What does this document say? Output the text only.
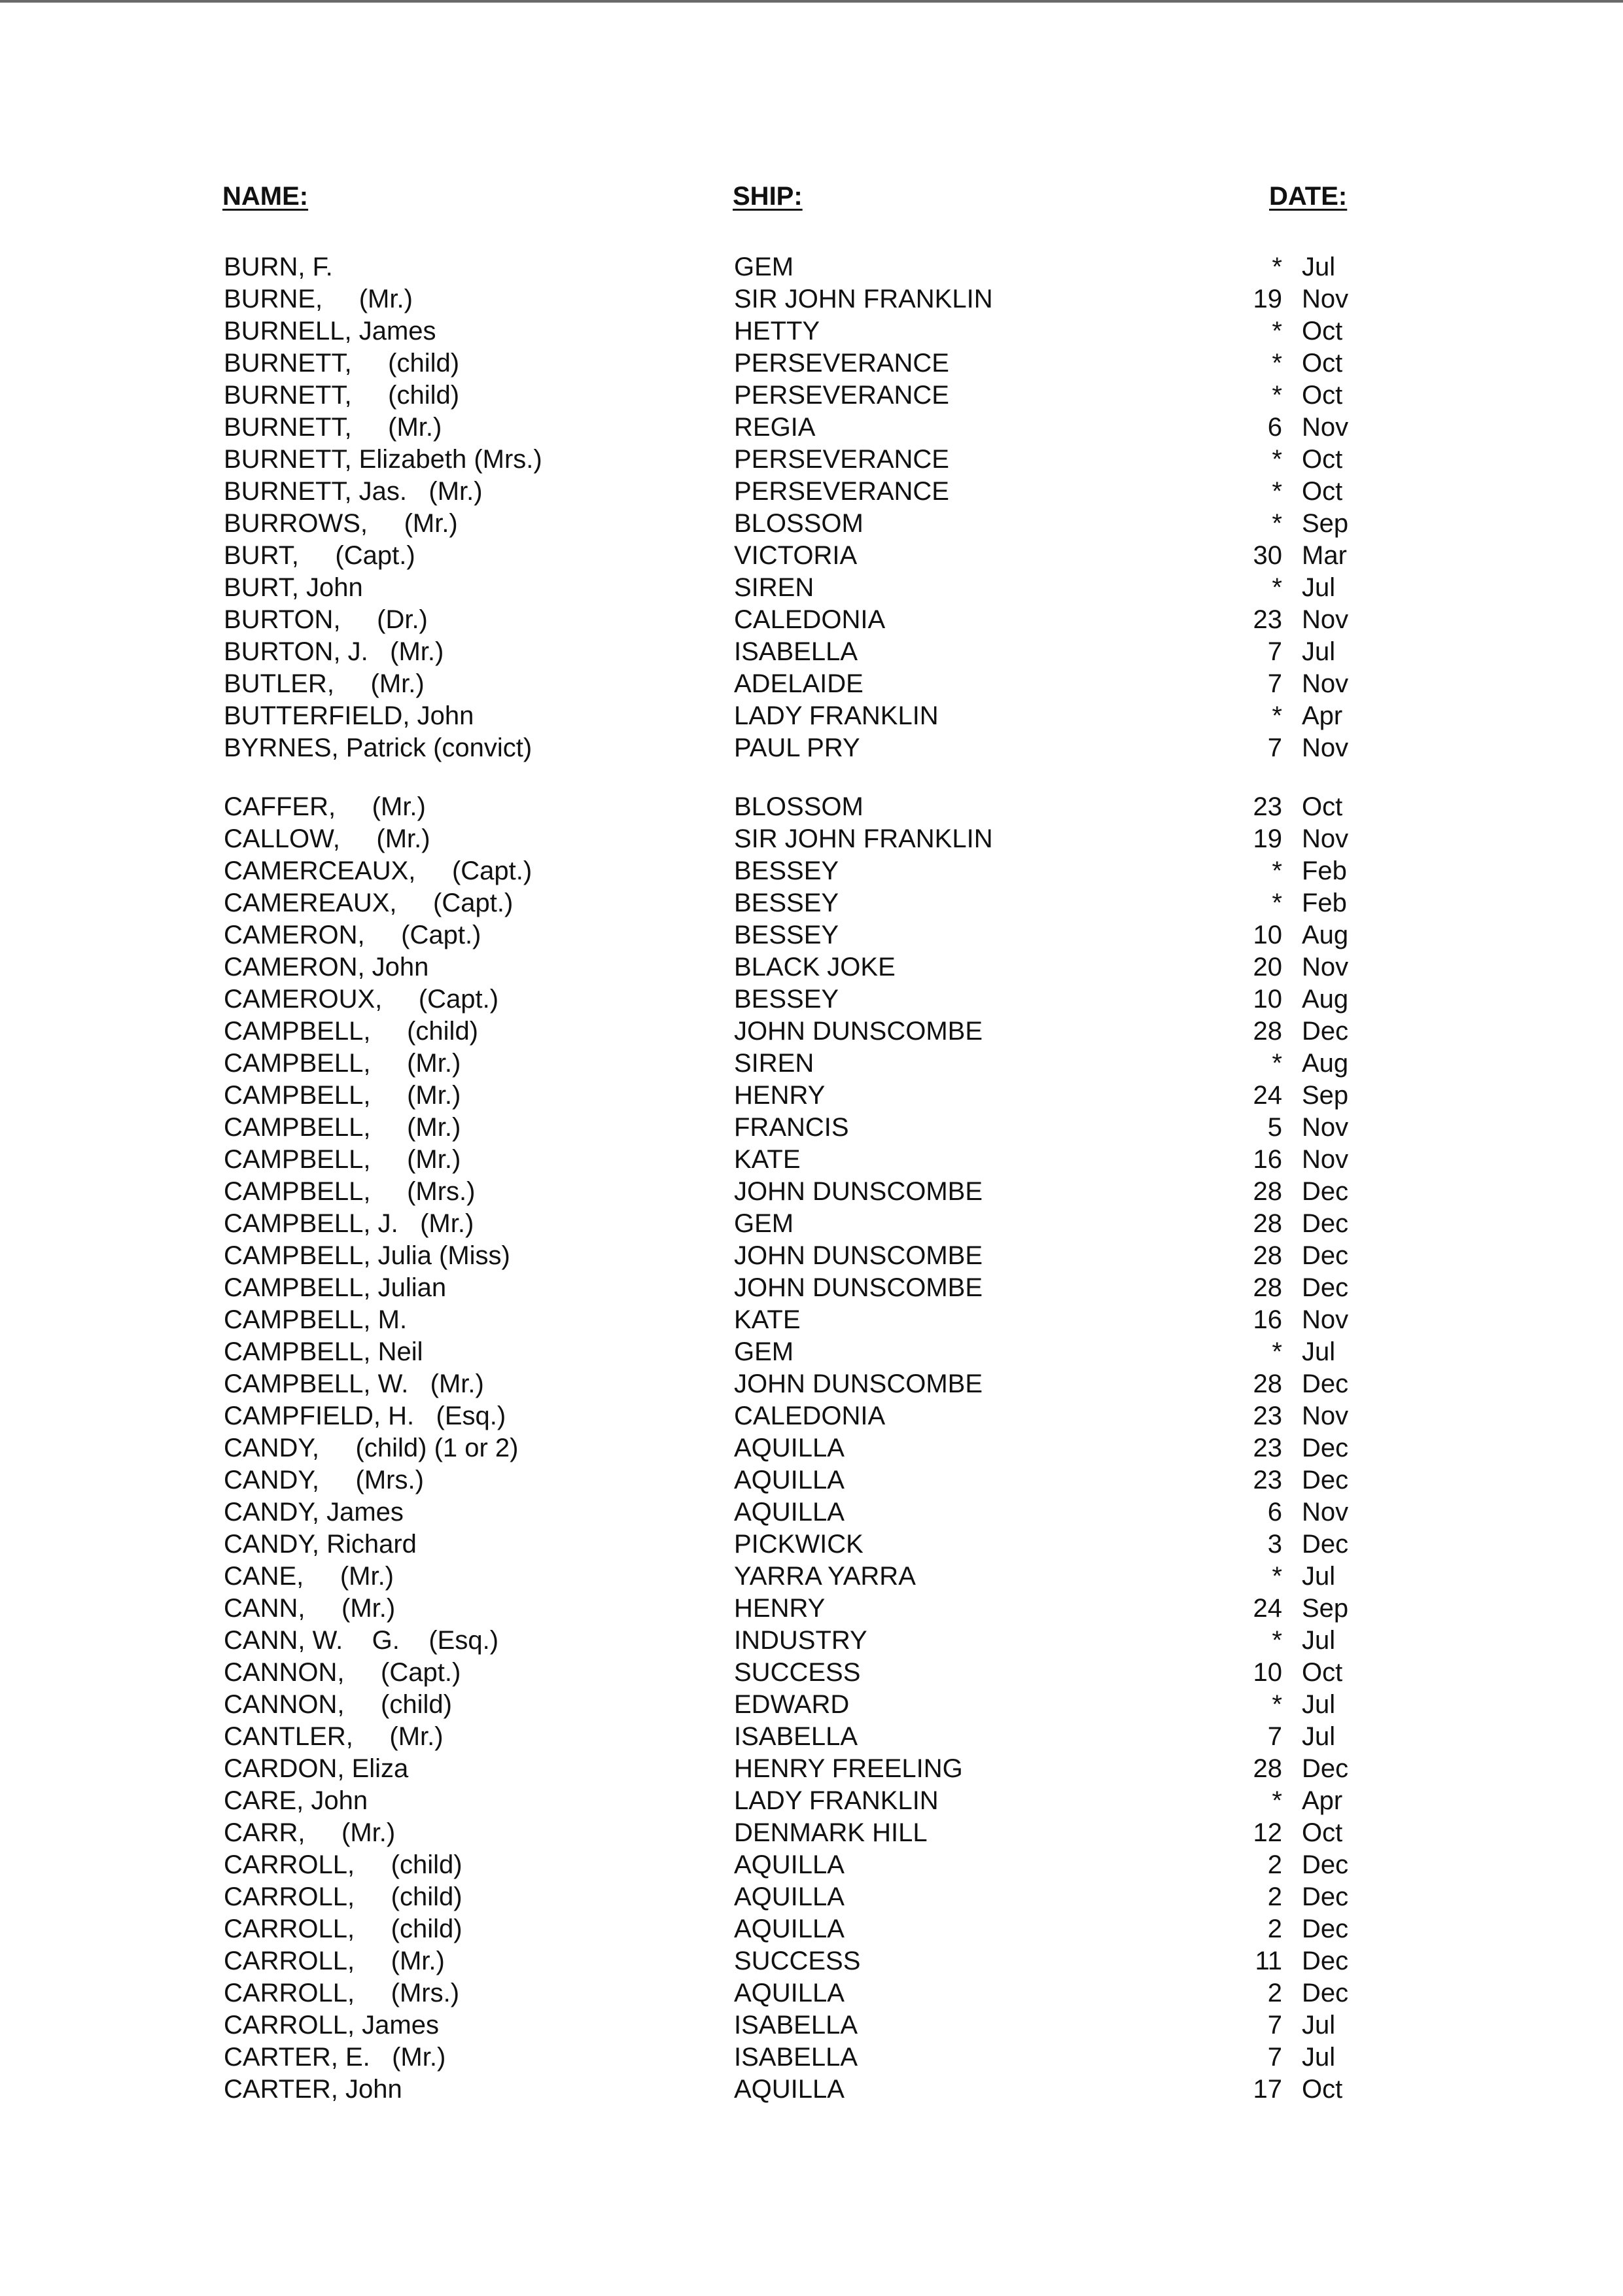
NAME:	SHIP:	DATE:
BURN, F.	GEM	* Jul
BURNE,     (Mr.)	SIR JOHN FRANKLIN	19 Nov
BURNELL, James	HETTY	* Oct
BURNETT,     (child)	PERSEVERANCE	* Oct
BURNETT,     (child)	PERSEVERANCE	* Oct
BURNETT,     (Mr.)	REGIA	6 Nov
BURNETT, Elizabeth (Mrs.)	PERSEVERANCE	* Oct
BURNETT, Jas.   (Mr.)	PERSEVERANCE	* Oct
BURROWS,     (Mr.)	BLOSSOM	* Sep
BURT,     (Capt.)	VICTORIA	30 Mar
BURT, John	SIREN	* Jul
BURTON,     (Dr.)	CALEDONIA	23 Nov
BURTON, J.   (Mr.)	ISABELLA	7 Jul
BUTLER,     (Mr.)	ADELAIDE	7 Nov
BUTTERFIELD, John	LADY FRANKLIN	* Apr
BYRNES, Patrick (convict)	PAUL PRY	7 Nov
CAFFER,     (Mr.)	BLOSSOM	23 Oct
CALLOW,     (Mr.)	SIR JOHN FRANKLIN	19 Nov
CAMERCEAUX,     (Capt.)	BESSEY	* Feb
CAMEREAUX,     (Capt.)	BESSEY	* Feb
CAMERON,     (Capt.)	BESSEY	10 Aug
CAMERON, John	BLACK JOKE	20 Nov
CAMEROUX,     (Capt.)	BESSEY	10 Aug
CAMPBELL,     (child)	JOHN DUNSCOMBE	28 Dec
CAMPBELL,     (Mr.)	SIREN	* Aug
CAMPBELL,     (Mr.)	HENRY	24 Sep
CAMPBELL,     (Mr.)	FRANCIS	5 Nov
CAMPBELL,     (Mr.)	KATE	16 Nov
CAMPBELL,     (Mrs.)	JOHN DUNSCOMBE	28 Dec
CAMPBELL, J.   (Mr.)	GEM	28 Dec
CAMPBELL, Julia (Miss)	JOHN DUNSCOMBE	28 Dec
CAMPBELL, Julian	JOHN DUNSCOMBE	28 Dec
CAMPBELL, M.	KATE	16 Nov
CAMPBELL, Neil	GEM	* Jul
CAMPBELL, W.   (Mr.)	JOHN DUNSCOMBE	28 Dec
CAMPFIELD, H.   (Esq.)	CALEDONIA	23 Nov
CANDY,     (child) (1 or 2)	AQUILLA	23 Dec
CANDY,     (Mrs.)	AQUILLA	23 Dec
CANDY, James	AQUILLA	6 Nov
CANDY, Richard	PICKWICK	3 Dec
CANE,     (Mr.)	YARRA YARRA	* Jul
CANN,     (Mr.)	HENRY	24 Sep
CANN, W.    G.    (Esq.)	INDUSTRY	* Jul
CANNON,     (Capt.)	SUCCESS	10 Oct
CANNON,     (child)	EDWARD	* Jul
CANTLER,     (Mr.)	ISABELLA	7 Jul
CARDON, Eliza	HENRY FREELING	28 Dec
CARE, John	LADY FRANKLIN	* Apr
CARR,     (Mr.)	DENMARK HILL	12 Oct
CARROLL,     (child)	AQUILLA	2 Dec
CARROLL,     (child)	AQUILLA	2 Dec
CARROLL,     (child)	AQUILLA	2 Dec
CARROLL,     (Mr.)	SUCCESS	11 Dec
CARROLL,     (Mrs.)	AQUILLA	2 Dec
CARROLL, James	ISABELLA	7 Jul
CARTER, E.   (Mr.)	ISABELLA	7 Jul
CARTER, John	AQUILLA	17 Oct
